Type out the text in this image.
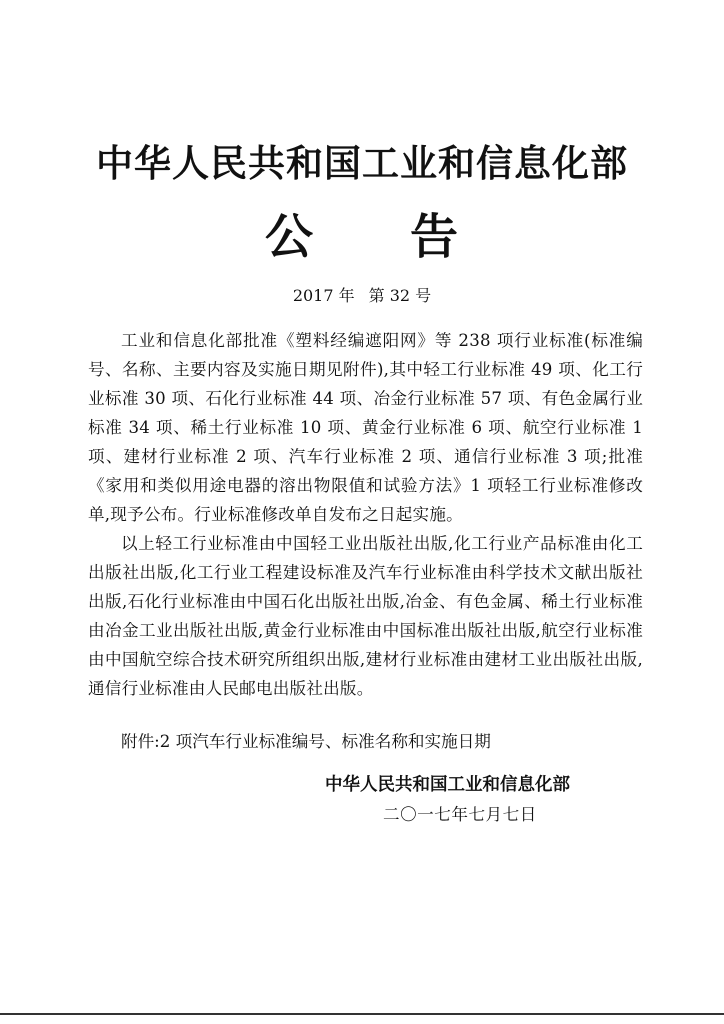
中华人民共和国工业和信息化部
公 告
2017 年 第 32 号

工业和信息化部批准《塑料经编遮阳网》等 238 项行业标准(标准编号、名称、主要内容及实施日期见附件),其中轻工行业标准 49 项、化工行业标准 30 项、石化行业标准 44 项、冶金行业标准 57 项、有色金属行业标准 34 项、稀土行业标准 10 项、黄金行业标准 6 项、航空行业标准 1 项、建材行业标准 2 项、汽车行业标准 2 项、通信行业标准 3 项;批准《家用和类似用途电器的溶出物限值和试验方法》1 项轻工行业标准修改单,现予公布。行业标准修改单自发布之日起实施。

以上轻工行业标准由中国轻工业出版社出版,化工行业产品标准由化工出版社出版,化工行业工程建设标准及汽车行业标准由科学技术文献出版社出版,石化行业标准由中国石化出版社出版,冶金、有色金属、稀土行业标准由冶金工业出版社出版,黄金行业标准由中国标准出版社出版,航空行业标准由中国航空综合技术研究所组织出版,建材行业标准由建材工业出版社出版,通信行业标准由人民邮电出版社出版。

附件:2 项汽车行业标准编号、标准名称和实施日期
中华人民共和国工业和信息化部
二〇一七年七月七日
